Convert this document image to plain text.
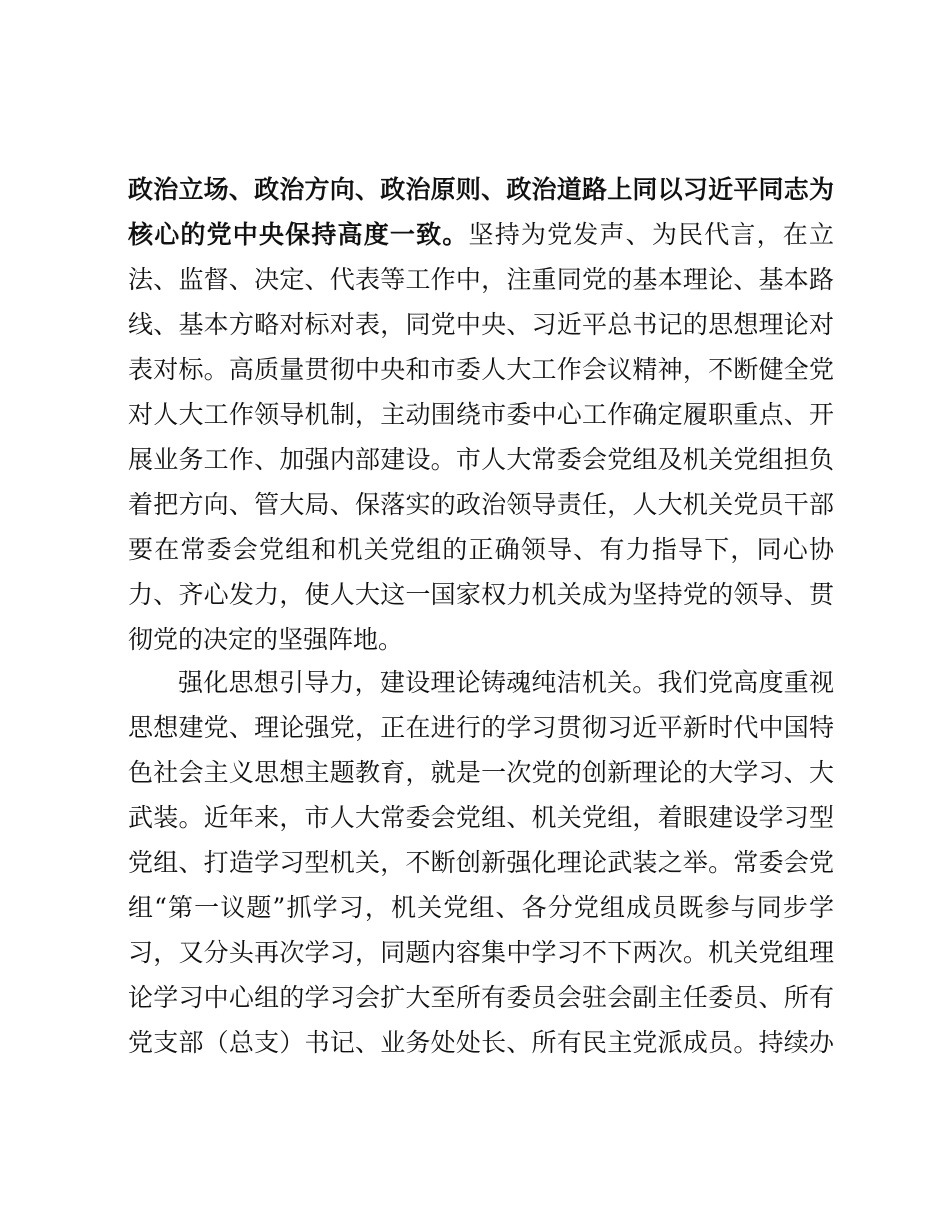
政治立场、政治方向、政治原则、政治道路上同以习近平同志为
核心的党中央保持高度一致。坚持为党发声、为民代言，在立
法、监督、决定、代表等工作中，注重同党的基本理论、基本路
线、基本方略对标对表，同党中央、习近平总书记的思想理论对
表对标。高质量贯彻中央和市委人大工作会议精神，不断健全党
对人大工作领导机制，主动围绕市委中心工作确定履职重点、开
展业务工作、加强内部建设。市人大常委会党组及机关党组担负
着把方向、管大局、保落实的政治领导责任，人大机关党员干部
要在常委会党组和机关党组的正确领导、有力指导下，同心协
力、齐心发力，使人大这一国家权力机关成为坚持党的领导、贯
彻党的决定的坚强阵地。
强化思想引导力，建设理论铸魂纯洁机关。我们党高度重视
思想建党、理论强党，正在进行的学习贯彻习近平新时代中国特
色社会主义思想主题教育，就是一次党的创新理论的大学习、大
武装。近年来，市人大常委会党组、机关党组，着眼建设学习型
党组、打造学习型机关，不断创新强化理论武装之举。常委会党
组“第一议题”抓学习，机关党组、各分党组成员既参与同步学
习，又分头再次学习，同题内容集中学习不下两次。机关党组理
论学习中心组的学习会扩大至所有委员会驻会副主任委员、所有
党支部（总支）书记、业务处处长、所有民主党派成员。持续办
